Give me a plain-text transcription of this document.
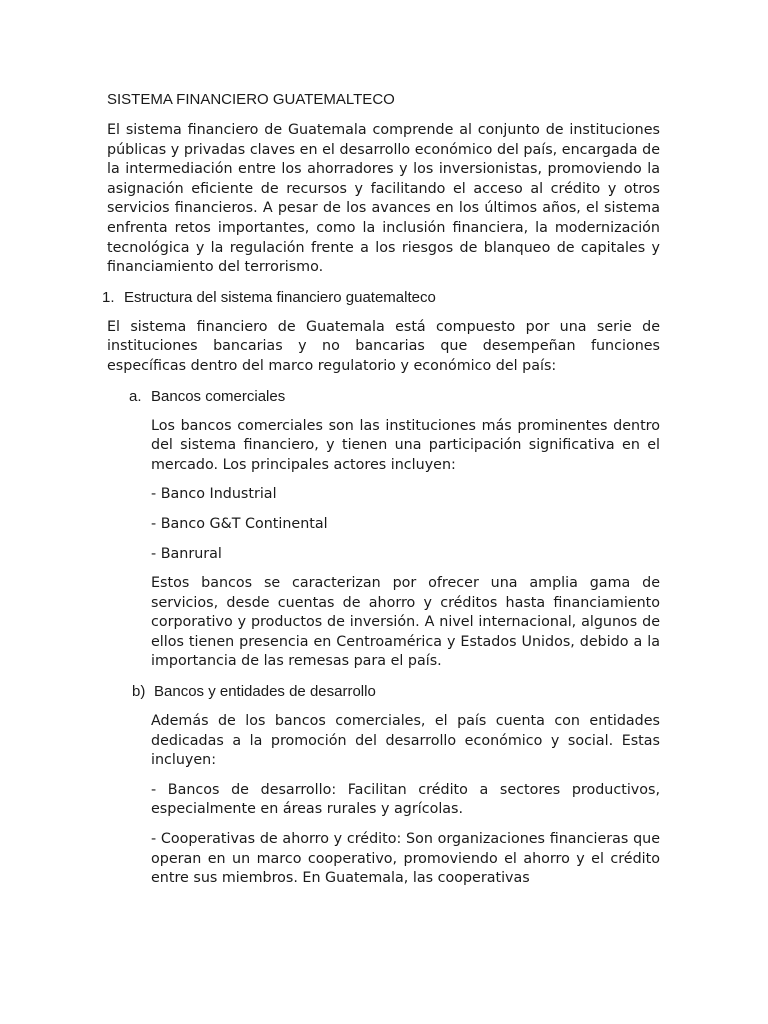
SISTEMA FINANCIERO GUATEMALTECO

El sistema financiero de Guatemala comprende al conjunto de instituciones públicas y privadas claves en el desarrollo económico del país, encargada de la intermediación entre los ahorradores y los inversionistas, promoviendo la asignación eficiente de recursos y facilitando el acceso al crédito y otros servicios financieros. A pesar de los avances en los últimos años, el sistema enfrenta retos importantes, como la inclusión financiera, la modernización tecnológica y la regulación frente a los riesgos de blanqueo de capitales y financiamiento del terrorismo.

1. Estructura del sistema financiero guatemalteco

El sistema financiero de Guatemala está compuesto por una serie de instituciones bancarias y no bancarias que desempeñan funciones específicas dentro del marco regulatorio y económico del país:

a. Bancos comerciales

Los bancos comerciales son las instituciones más prominentes dentro del sistema financiero, y tienen una participación significativa en el mercado. Los principales actores incluyen:

- Banco Industrial

- Banco G&T Continental

- Banrural

Estos bancos se caracterizan por ofrecer una amplia gama de servicios, desde cuentas de ahorro y créditos hasta financiamiento corporativo y productos de inversión. A nivel internacional, algunos de ellos tienen presencia en Centroamérica y Estados Unidos, debido a la importancia de las remesas para el país.

b) Bancos y entidades de desarrollo

Además de los bancos comerciales, el país cuenta con entidades dedicadas a la promoción del desarrollo económico y social. Estas incluyen:

- Bancos de desarrollo: Facilitan crédito a sectores productivos, especialmente en áreas rurales y agrícolas.

- Cooperativas de ahorro y crédito: Son organizaciones financieras que operan en un marco cooperativo, promoviendo el ahorro y el crédito entre sus miembros. En Guatemala, las cooperativas
